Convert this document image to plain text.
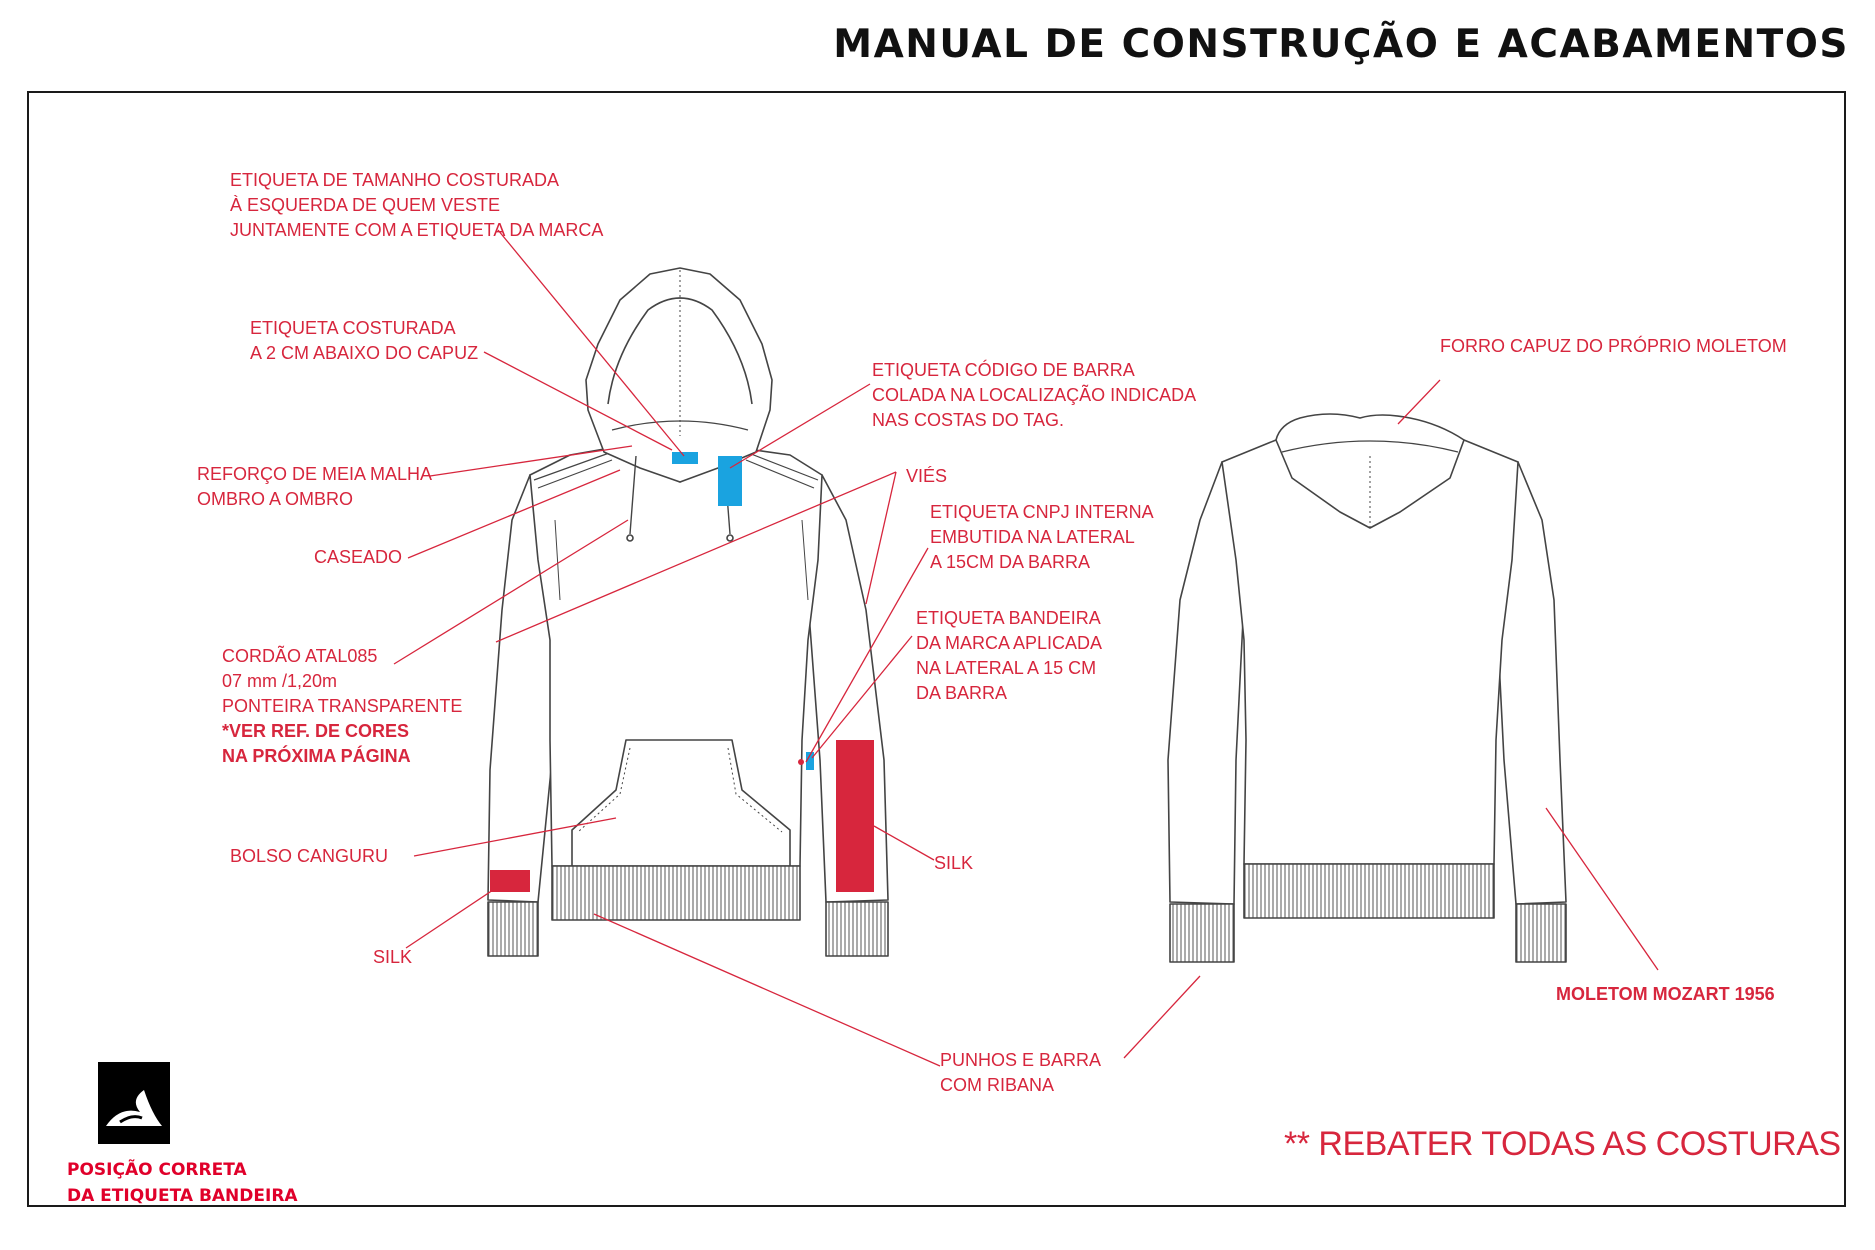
MANUAL DE CONSTRUÇÃO E ACABAMENTOS
ETIQUETA DE TAMANHO COSTURADA
À ESQUERDA DE QUEM VESTE
JUNTAMENTE COM A ETIQUETA DA MARCA
ETIQUETA COSTURADA
A 2 CM ABAIXO DO CAPUZ
REFORÇO DE MEIA MALHA
OMBRO A OMBRO
CASEADO
CORDÃO ATAL085
07 mm /1,20m
PONTEIRA TRANSPARENTE
*VER REF. DE CORES
NA PRÓXIMA PÁGINA
BOLSO CANGURU
SILK
ETIQUETA CÓDIGO DE BARRA
COLADA NA LOCALIZAÇÃO INDICADA
NAS COSTAS DO TAG.
VIÉS
ETIQUETA CNPJ INTERNA
EMBUTIDA NA LATERAL
A 15CM DA BARRA
ETIQUETA BANDEIRA
DA MARCA APLICADA
NA LATERAL A 15 CM
DA BARRA
SILK
PUNHOS E BARRA
COM RIBANA
FORRO CAPUZ DO PRÓPRIO MOLETOM
MOLETOM MOZART 1956
** REBATER TODAS AS COSTURAS
POSIÇÃO CORRETA
DA ETIQUETA BANDEIRA
